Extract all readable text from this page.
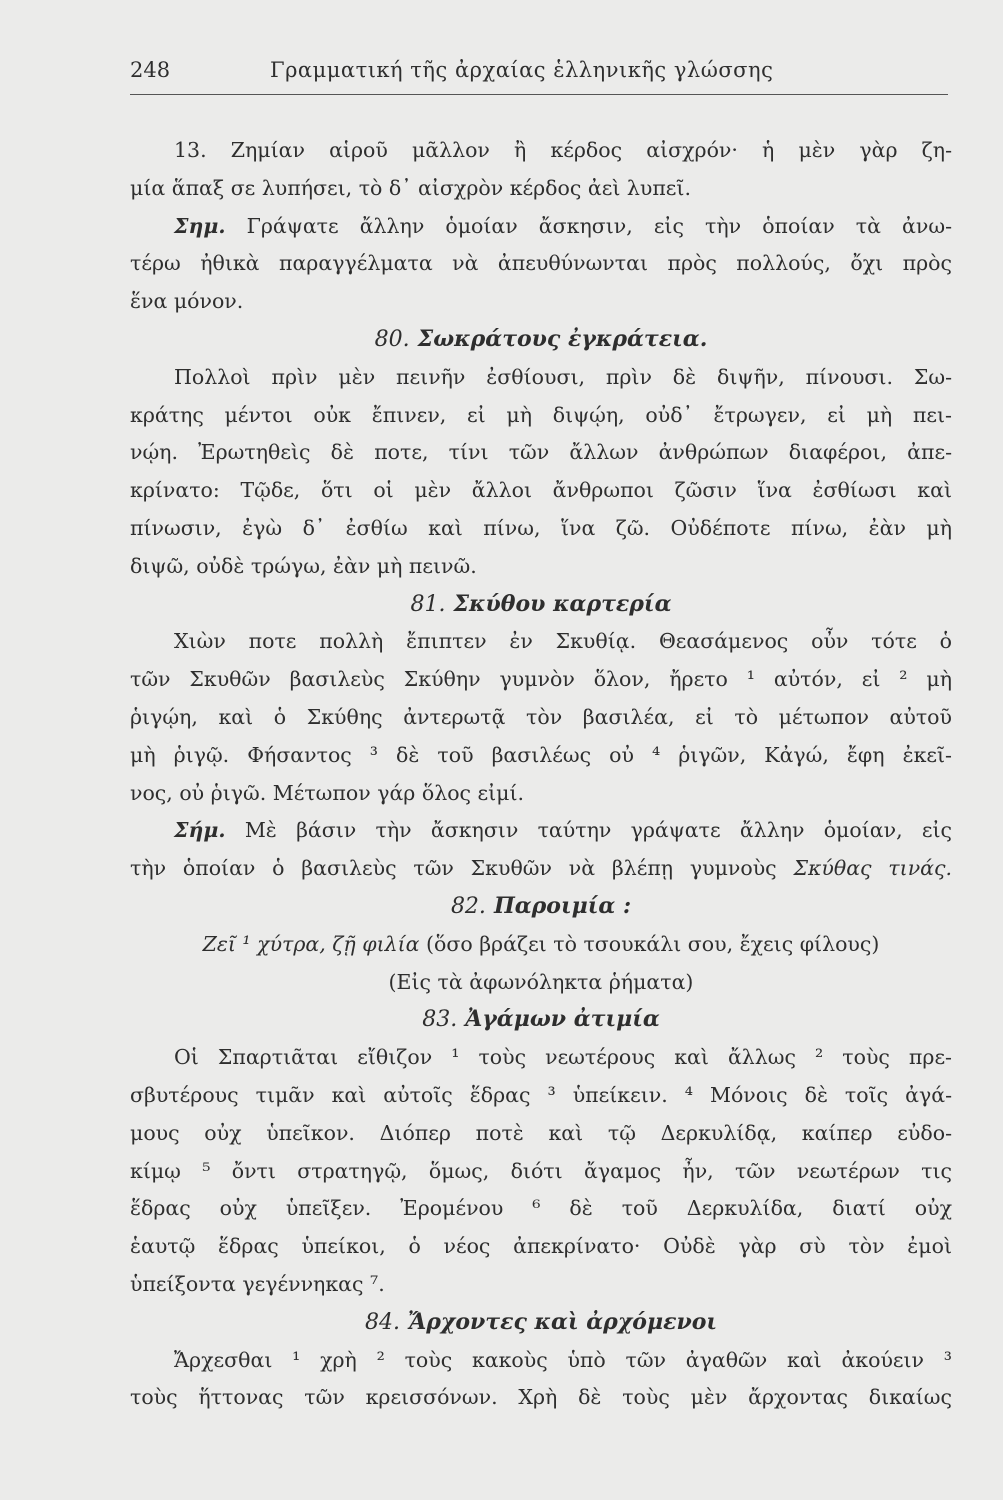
248	Γραμματική τῆς ἀρχαίας ἑλληνικῆς γλώσσης
13. Ζημίαν αἱροῦ μᾶλλον ἢ κέρδος αἰσχρόν· ἡ μὲν γὰρ ζη-
μία ἅπαξ σε λυπήσει, τὸ δ᾽ αἰσχρὸν κέρδος ἀεὶ λυπεῖ.
Σημ. Γράψατε ἄλλην ὁμοίαν ἄσκησιν, εἰς τὴν ὁποίαν τὰ ἀνω-
τέρω ἠθικὰ παραγγέλματα νὰ ἀπευθύνωνται πρὸς πολλούς, ὄχι πρὸς
ἕνα μόνον.
80. Σωκράτους ἐγκράτεια.
Πολλοὶ πρὶν μὲν πεινῆν ἐσθίουσι, πρὶν δὲ διψῆν, πίνουσι. Σω-
κράτης μέντοι οὐκ ἔπινεν, εἰ μὴ διψῴη, οὐδ᾽ ἔτρωγεν, εἰ μὴ πει-
νῴη. Ἐρωτηθεὶς δὲ ποτε, τίνι τῶν ἄλλων ἀνθρώπων διαφέροι, ἀπε-
κρίνατο: Τῷδε, ὅτι οἱ μὲν ἄλλοι ἄνθρωποι ζῶσιν ἵνα ἐσθίωσι καὶ
πίνωσιν, ἐγὼ δ᾽ ἐσθίω καὶ πίνω, ἵνα ζῶ. Οὐδέποτε πίνω, ἐὰν μὴ
διψῶ, οὐδὲ τρώγω, ἐὰν μὴ πεινῶ.
81. Σκύθου καρτερία
Χιὼν ποτε πολλὴ ἔπιπτεν ἐν Σκυθίᾳ. Θεασάμενος οὖν τότε ὁ
τῶν Σκυθῶν βασιλεὺς Σκύθην γυμνὸν ὅλον, ἤρετο ¹ αὐτόν, εἰ ² μὴ
ῥιγῴη, καὶ ὁ Σκύθης ἀντερωτᾷ τὸν βασιλέα, εἰ τὸ μέτωπον αὐτοῦ
μὴ ῥιγῷ. Φήσαντος ³ δὲ τοῦ βασιλέως οὐ ⁴ ῥιγῶν, Κἀγώ, ἔφη ἐκεῖ-
νος, οὐ ῥιγῶ. Μέτωπον γάρ ὅλος εἰμί.
Σήμ. Μὲ βάσιν τὴν ἄσκησιν ταύτην γράψατε ἄλλην ὁμοίαν, εἰς
τὴν ὁποίαν ὁ βασιλεὺς τῶν Σκυθῶν νὰ βλέπῃ γυμνοὺς Σκύθας τινάς.
82. Παροιμία :
Ζεῖ ¹ χύτρα, ζῇ φιλία (ὅσο βράζει τὸ τσουκάλι σου, ἔχεις φίλους)
(Εἰς τὰ ἀφωνόληκτα ῥήματα)
83. Ἀγάμων ἀτιμία
Οἱ Σπαρτιᾶται εἴθιζον ¹ τοὺς νεωτέρους καὶ ἄλλως ² τοὺς πρε-
σβυτέρους τιμᾶν καὶ αὐτοῖς ἕδρας ³ ὑπείκειν. ⁴ Μόνοις δὲ τοῖς ἀγά-
μους οὐχ ὑπεῖκον. Διόπερ ποτὲ καὶ τῷ Δερκυλίδᾳ, καίπερ εὐδο-
κίμῳ ⁵ ὄντι στρατηγῷ, ὅμως, διότι ἄγαμος ἦν, τῶν νεωτέρων τις
ἕδρας οὐχ ὑπεῖξεν. Ἐρομένου ⁶ δὲ τοῦ Δερκυλίδα, διατί οὐχ
ἑαυτῷ ἕδρας ὑπείκοι, ὁ νέος ἀπεκρίνατο· Οὐδὲ γὰρ σὺ τὸν ἐμοὶ
ὑπείξοντα γεγέννηκας ⁷.
84. Ἄρχοντες καὶ ἀρχόμενοι
Ἄρχεσθαι ¹ χρὴ ² τοὺς κακοὺς ὑπὸ τῶν ἀγαθῶν καὶ ἀκούειν ³
τοὺς ἥττονας τῶν κρεισσόνων. Χρὴ δὲ τοὺς μὲν ἄρχοντας δικαίως
